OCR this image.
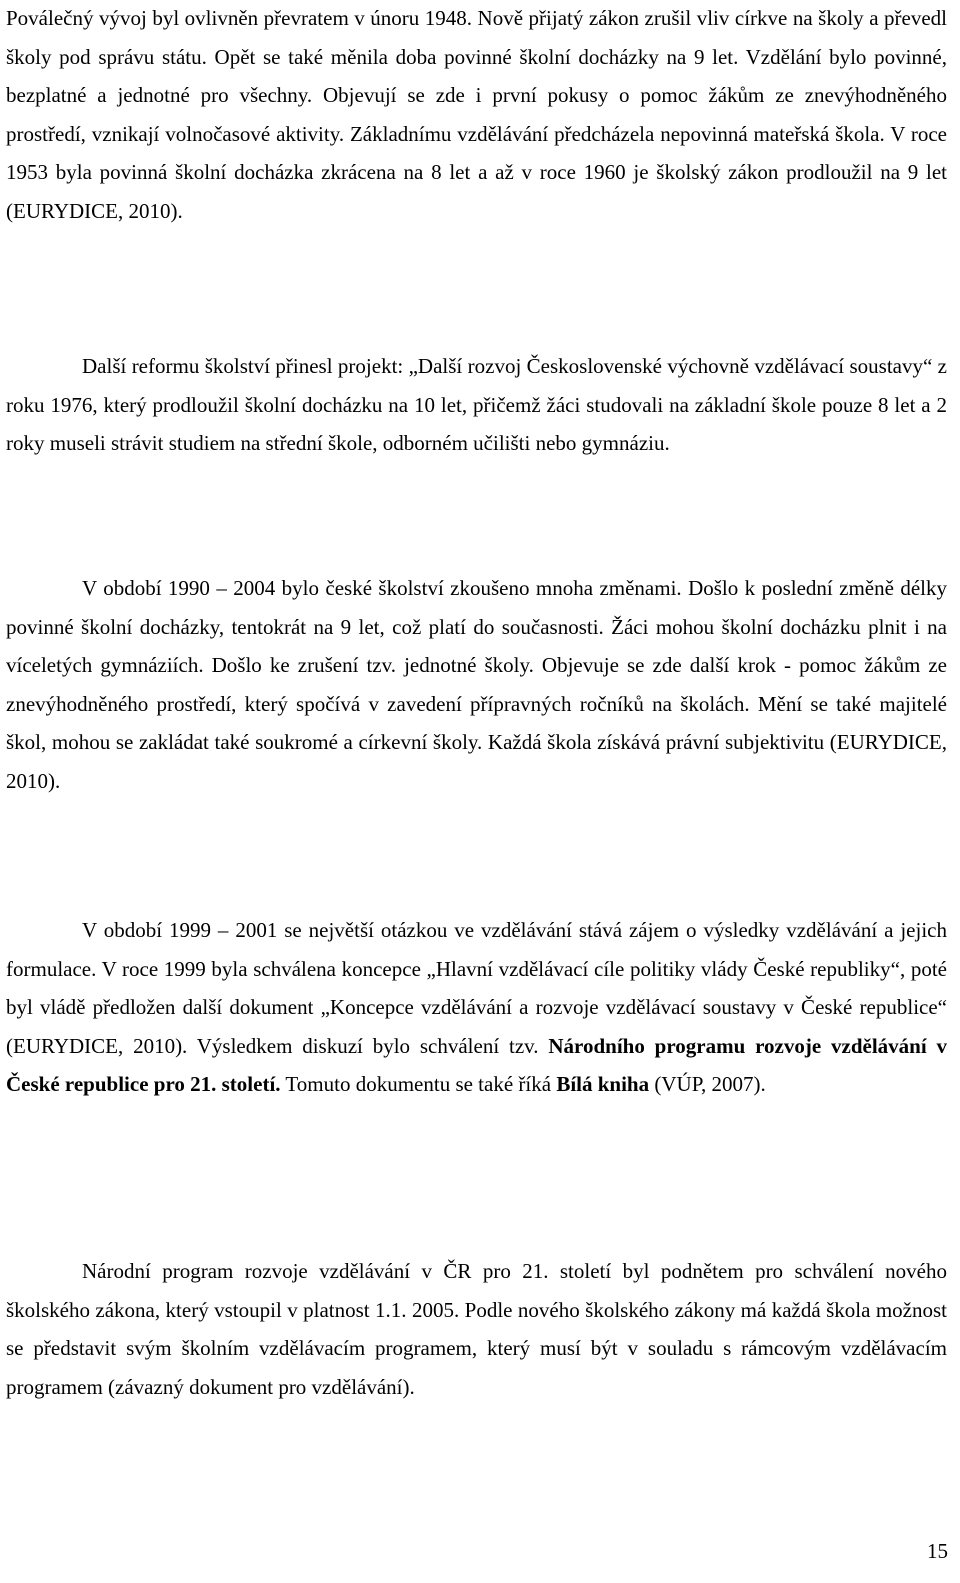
Poválečný vývoj byl ovlivněn převratem v únoru 1948. Nově přijatý zákon zrušil vliv církve na školy a převedl školy pod správu státu. Opět se také měnila doba povinné školní docházky na 9 let. Vzdělání bylo povinné, bezplatné a jednotné pro všechny. Objevují se zde i první pokusy o pomoc žákům ze znevýhodněného prostředí, vznikají volnočasové aktivity. Základnímu vzdělávání předcházela nepovinná mateřská škola. V roce 1953 byla povinná školní docházka zkrácena na 8 let a až v roce 1960 je školský zákon prodloužil na 9 let (EURYDICE, 2010).

Další reformu školství přinesl projekt: „Další rozvoj Československé výchovně vzdělávací soustavy“ z roku 1976, který prodloužil školní docházku na 10 let, přičemž žáci studovali na základní škole pouze 8 let a 2 roky museli strávit studiem na střední škole, odborném učilišti nebo gymnáziu.

V období 1990 – 2004 bylo české školství zkoušeno mnoha změnami. Došlo k poslední změně délky povinné školní docházky, tentokrát na 9 let, což platí do současnosti. Žáci mohou školní docházku plnit i na víceletých gymnáziích. Došlo ke zrušení tzv. jednotné školy. Objevuje se zde další krok - pomoc žákům ze znevýhodněného prostředí, který spočívá v zavedení přípravných ročníků na školách. Mění se také majitelé škol, mohou se zakládat také soukromé a církevní školy. Každá škola získává právní subjektivitu (EURYDICE, 2010).

V období 1999 – 2001 se největší otázkou ve vzdělávání stává zájem o výsledky vzdělávání a jejich formulace. V roce 1999 byla schválena koncepce „Hlavní vzdělávací cíle politiky vlády České republiky“, poté byl vládě předložen další dokument „Koncepce vzdělávání a rozvoje vzdělávací soustavy v České republice“ (EURYDICE, 2010). Výsledkem diskuzí bylo schválení tzv. Národního programu rozvoje vzdělávání v České republice pro 21. století. Tomuto dokumentu se také říká Bílá kniha (VÚP, 2007).

Národní program rozvoje vzdělávání v ČR pro 21. století byl podnětem pro schválení nového školského zákona, který vstoupil v platnost 1.1. 2005. Podle nového školského zákony má každá škola možnost se představit svým školním vzdělávacím programem, který musí být v souladu s rámcovým vzdělávacím programem (závazný dokument pro vzdělávání).

15
